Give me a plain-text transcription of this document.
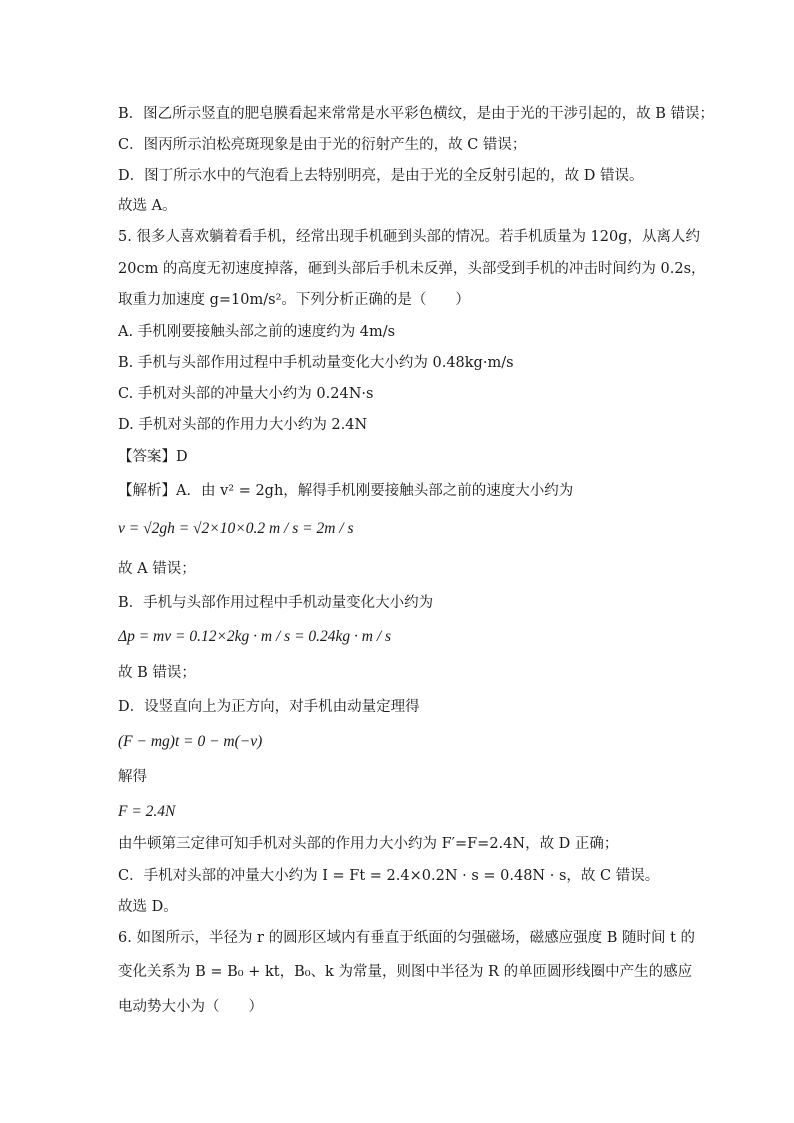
B．图乙所示竖直的肥皂膜看起来常常是水平彩色横纹，是由于光的干涉引起的，故 B 错误；
C．图丙所示泊松亮斑现象是由于光的衍射产生的，故 C 错误；
D．图丁所示水中的气泡看上去特别明亮，是由于光的全反射引起的，故 D 错误。
故选 A。
5. 很多人喜欢躺着看手机，经常出现手机砸到头部的情况。若手机质量为 120g，从离人约
20cm 的高度无初速度掉落，砸到头部后手机未反弹，头部受到手机的冲击时间约为 0.2s，
取重力加速度 g=10m/s²。下列分析正确的是（　　）
A. 手机刚要接触头部之前的速度约为 4m/s
B. 手机与头部作用过程中手机动量变化大小约为 0.48kg·m/s
C. 手机对头部的冲量大小约为 0.24N·s
D. 手机对头部的作用力大小约为 2.4N
【答案】D
【解析】A．由 v² = 2gh，解得手机刚要接触头部之前的速度大小约为
v = √2gh = √2×10×0.2 m / s = 2m / s
故 A 错误；
B．手机与头部作用过程中手机动量变化大小约为
Δp = mv = 0.12×2kg · m / s = 0.24kg · m / s
故 B 错误；
D．设竖直向上为正方向，对手机由动量定理得
(F − mg)t = 0 − m(−v)
解得
F = 2.4N
由牛顿第三定律可知手机对头部的作用力大小约为 F′=F=2.4N，故 D 正确；
C．手机对头部的冲量大小约为 I = Ft = 2.4×0.2N · s = 0.48N · s，故 C 错误。
故选 D。
6. 如图所示，半径为 r 的圆形区域内有垂直于纸面的匀强磁场，磁感应强度 B 随时间 t 的
变化关系为 B = B₀ + kt，B₀、k 为常量，则图中半径为 R 的单匝圆形线圈中产生的感应
电动势大小为（　　）
